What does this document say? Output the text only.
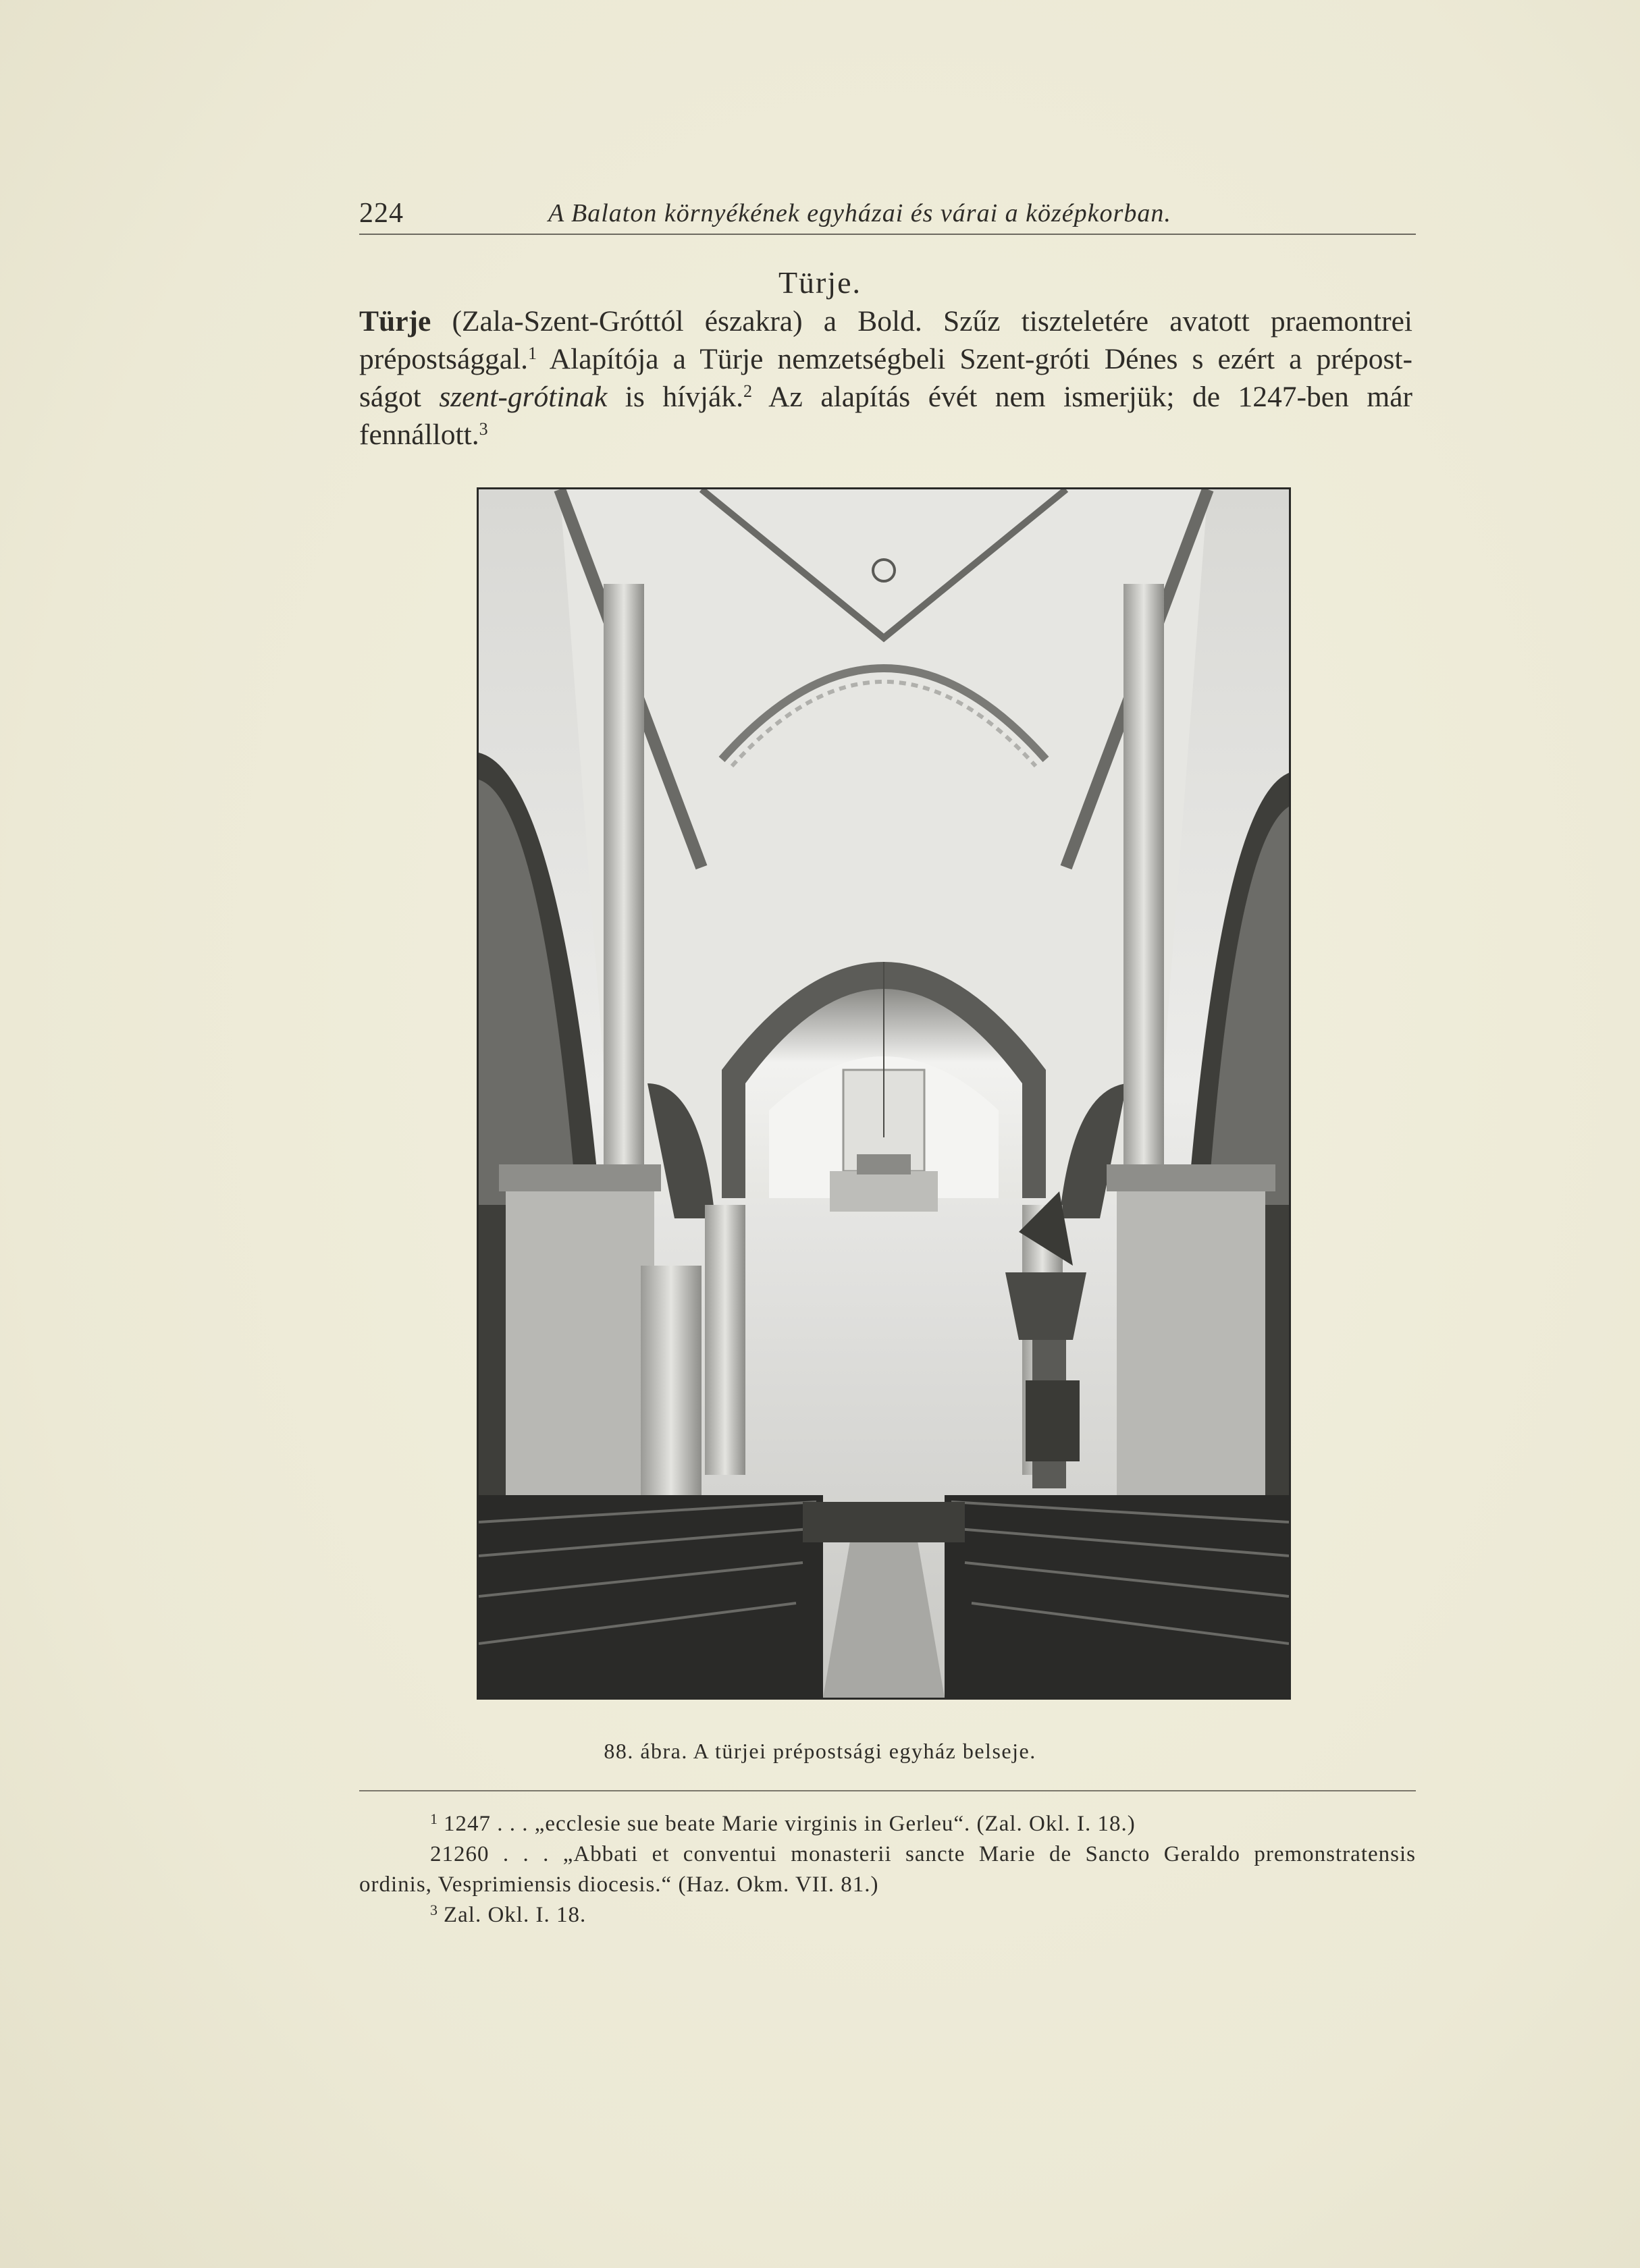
224	A Balaton környékének egyházai és várai a középkorban.
Türje.
Türje (Zala-Szent-Gróttól északra) a Bold. Szűz tiszteletére avatott praemontrei
prépostsággal.$^1$ Alapítója a Türje nemzetségbeli Szent-gróti Dénes s ezért a prépost-
ságot szent-grótinak is hívják.$^2$ Az alapítás évét nem ismerjük; de 1247-ben már
fennállott.$^3$
88. ábra. A türjei prépostsági egyház belseje.
$^1$ 1247 . . . „ecclesie sue beate Marie virginis in Gerleu“. (Zal. Okl. I. 18.)
21260 . . . „Abbati et conventui monasterii sancte Marie de Sancto Geraldo premonstratensis
ordinis, Vesprimiensis diocesis.“ (Haz. Okm. VII. 81.)
$^3$ Zal. Okl. I. 18.
